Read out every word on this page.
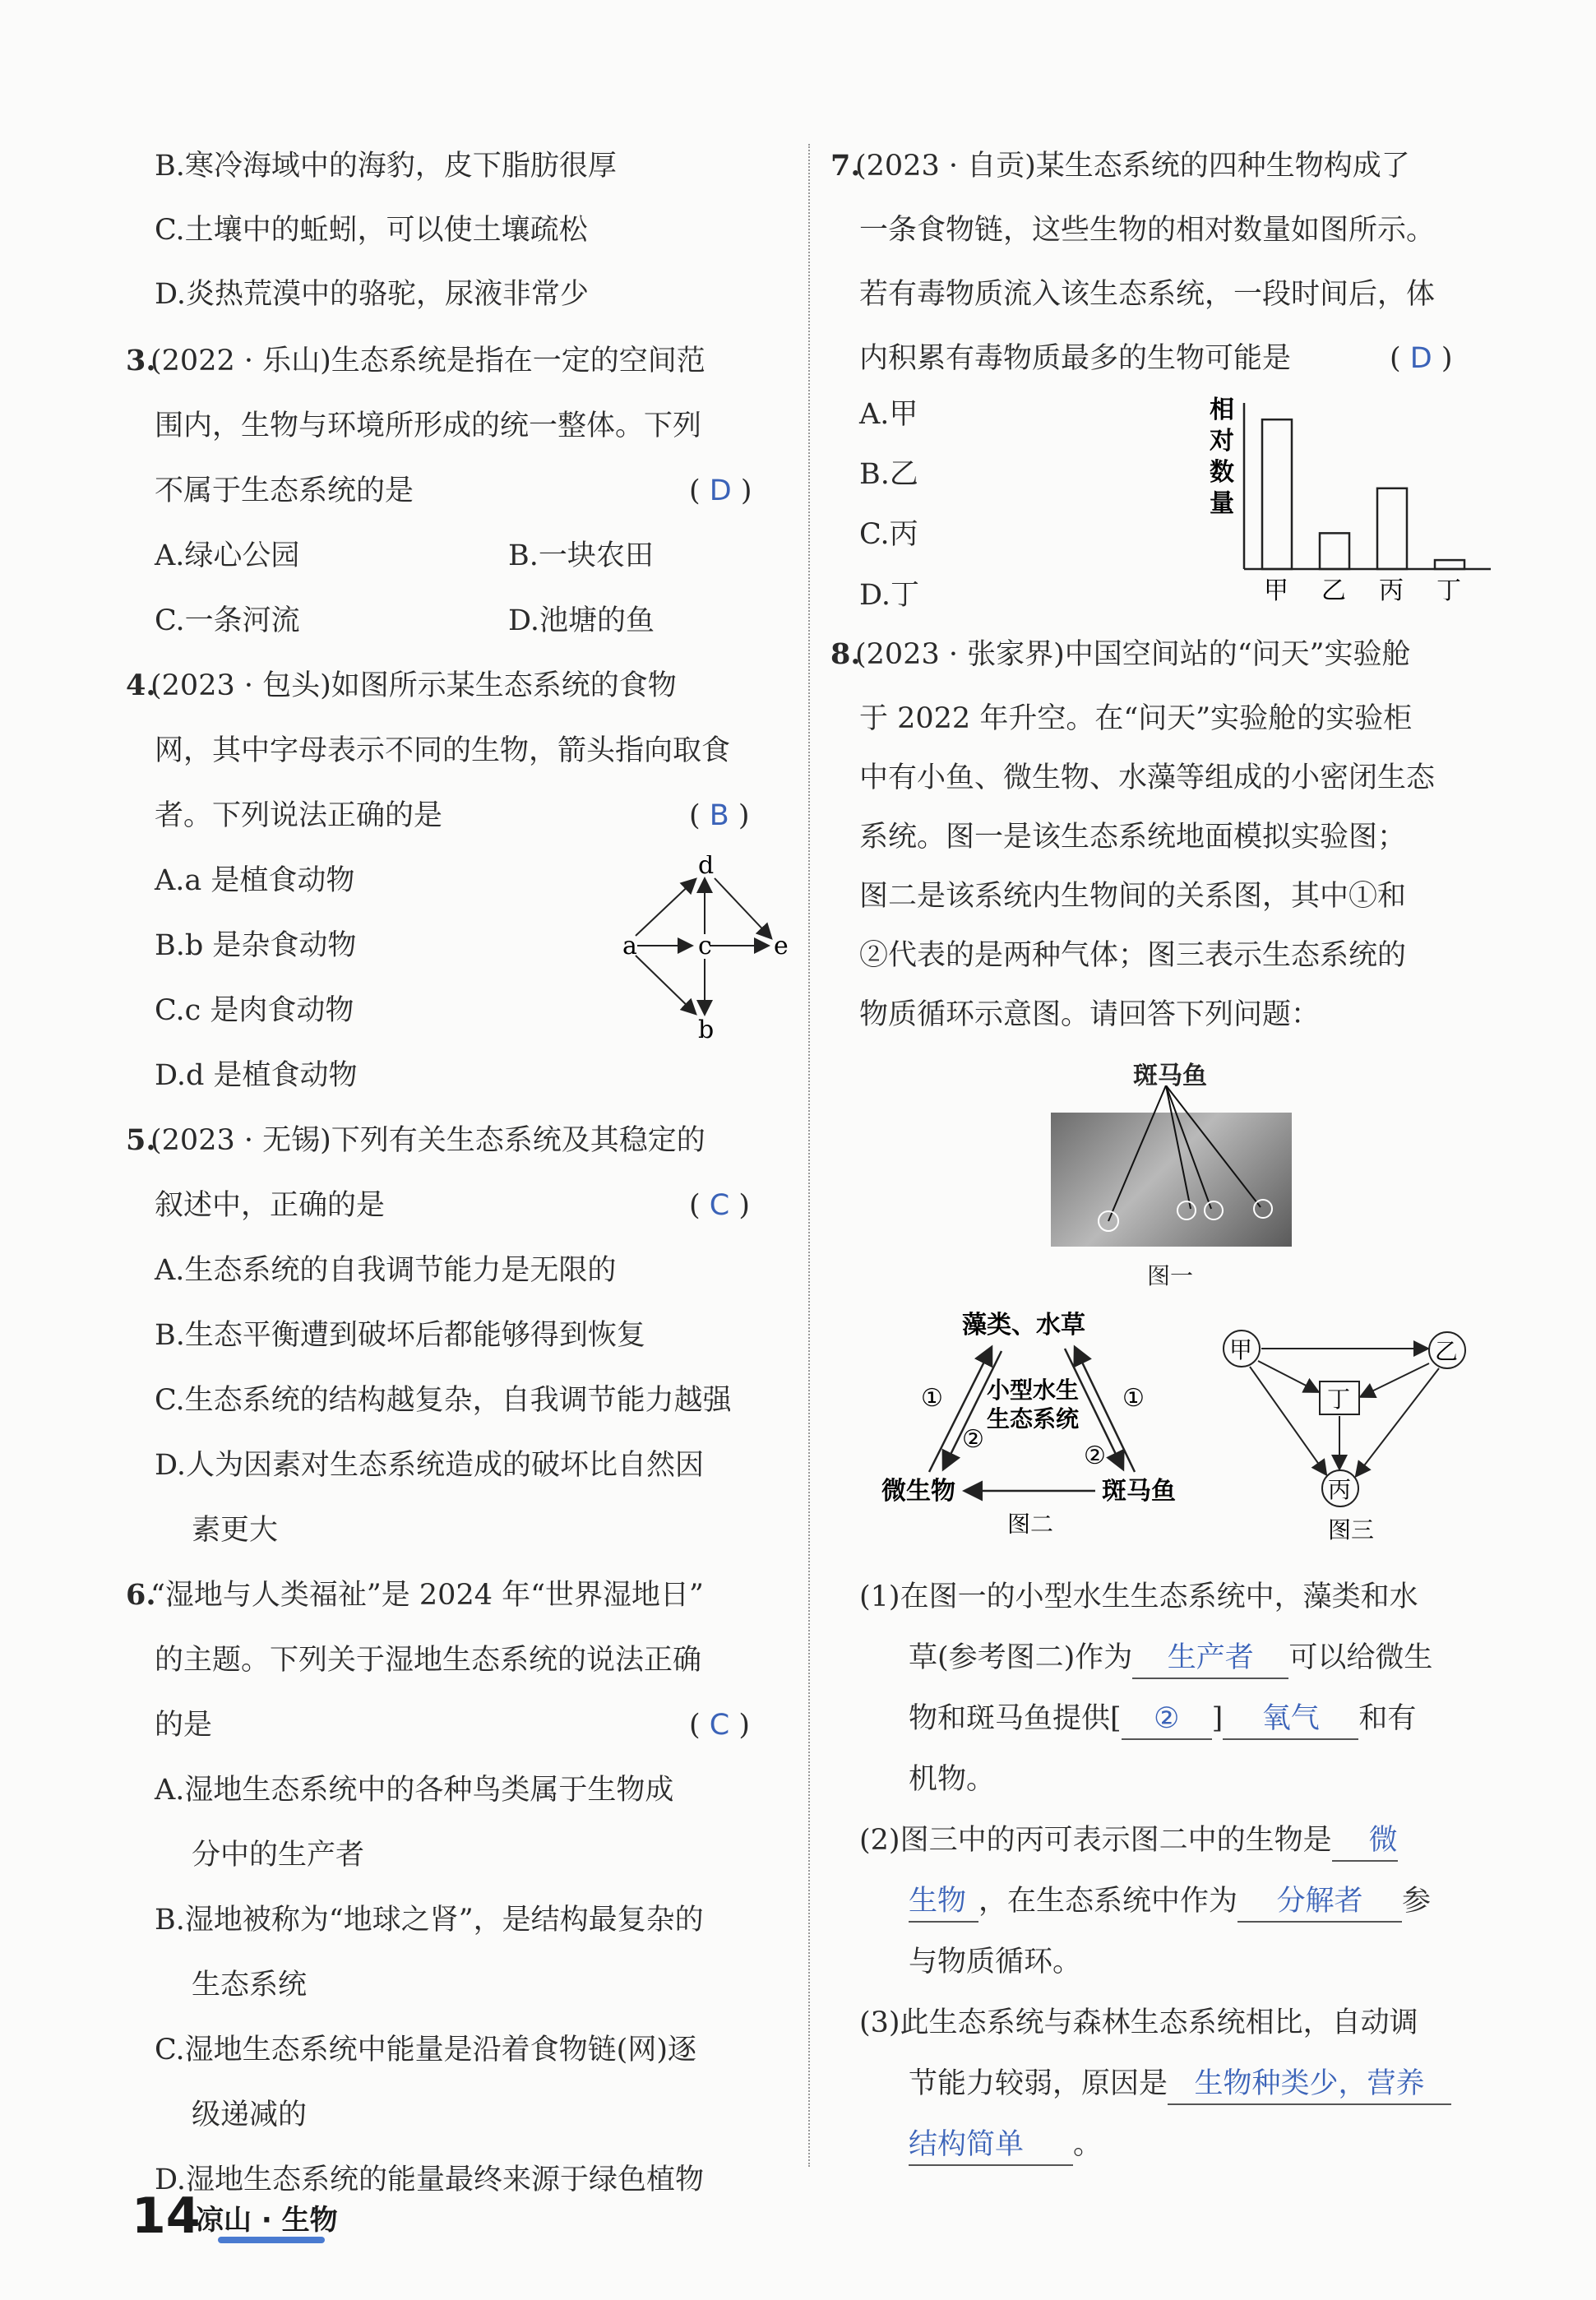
B.寒冷海域中的海豹，皮下脂肪很厚
C.土壤中的蚯蚓，可以使土壤疏松
D.炎热荒漠中的骆驼，尿液非常少
3.
(2022 · 乐山)生态系统是指在一定的空间范
围内，生物与环境所形成的统一整体。下列
不属于生态系统的是	( D )
A.绿心公园	B.一块农田
C.一条河流	D.池塘的鱼
4.
(2023 · 包头)如图所示某生态系统的食物
网，其中字母表示不同的生物，箭头指向取食
者。下列说法正确的是	( B )
A.a 是植食动物
B.b 是杂食动物
C.c 是肉食动物
D.d 是植食动物
a c
d
b
e
5.
(2023 · 无锡)下列有关生态系统及其稳定的
叙述中，正确的是	( C )
A.生态系统的自我调节能力是无限的
B.生态平衡遭到破坏后都能够得到恢复
C.生态系统的结构越复杂，自我调节能力越强
D.人为因素对生态系统造成的破坏比自然因
素更大
6.
“湿地与人类福祉”是 2024 年“世界湿地日”
的主题。下列关于湿地生态系统的说法正确
的是	( C )
A.湿地生态系统中的各种鸟类属于生物成
分中的生产者
B.湿地被称为“地球之肾”，是结构最复杂的
生态系统
C.湿地生态系统中能量是沿着食物链(网)逐
级递减的
D.湿地生态系统的能量最终来源于绿色植物
7.
(2023 · 自贡)某生态系统的四种生物构成了
一条食物链，这些生物的相对数量如图所示。
若有毒物质流入该生态系统，一段时间后，体
内积累有毒物质最多的生物可能是	( D )
A.甲
B.乙
C.丙
D.丁
相
对
数
量
甲 乙 丙 丁
8.
(2023 · 张家界)中国空间站的“问天”实验舱
于 2022 年升空。在“问天”实验舱的实验柜
中有小鱼、微生物、水藻等组成的小密闭生态
系统。图一是该生态系统地面模拟实验图；
图二是该系统内生物间的关系图，其中①和
②代表的是两种气体；图三表示生态系统的
物质循环示意图。请回答下列问题：
斑马鱼
图一
藻类、水草
小型水生
生态系统
微生物	斑马鱼
①
②
①
②
图二
甲	乙
丙
丁
图三
(1)在图一的小型水生生态系统中，藻类和水
草(参考图二)作为 生产者 可以给微生
物和斑马鱼提供[ ② ] 氧气 和有
机物。
(2)图三中的丙可表示图二中的生物是 微
生物 ，在生态系统中作为 分解者 参
与物质循环。
(3)此生态系统与森林生态系统相比，自动调
节能力较弱，原因是 生物种类少，营养
结构简单 。
14
凉山 · 生物
